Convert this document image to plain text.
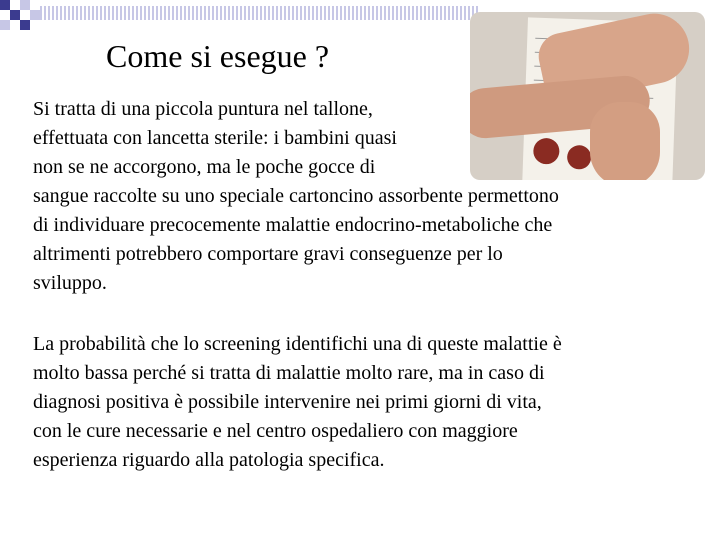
Come si esegue ?

Si tratta di una piccola puntura nel tallone,
effettuata con lancetta sterile: i bambini quasi
non se ne accorgono, ma le poche gocce di
sangue raccolte su uno speciale cartoncino assorbente permettono
di individuare precocemente malattie endocrino-metaboliche che
altrimenti potrebbero comportare gravi conseguenze per lo
sviluppo.

La probabilità che lo screening identifichi una di queste malattie è
molto bassa perché si tratta di malattie molto rare, ma in caso di
diagnosi positiva è possibile intervenire nei primi giorni di vita,
con le cure necessarie e nel centro ospedaliero con maggiore
esperienza riguardo alla patologia specifica.
